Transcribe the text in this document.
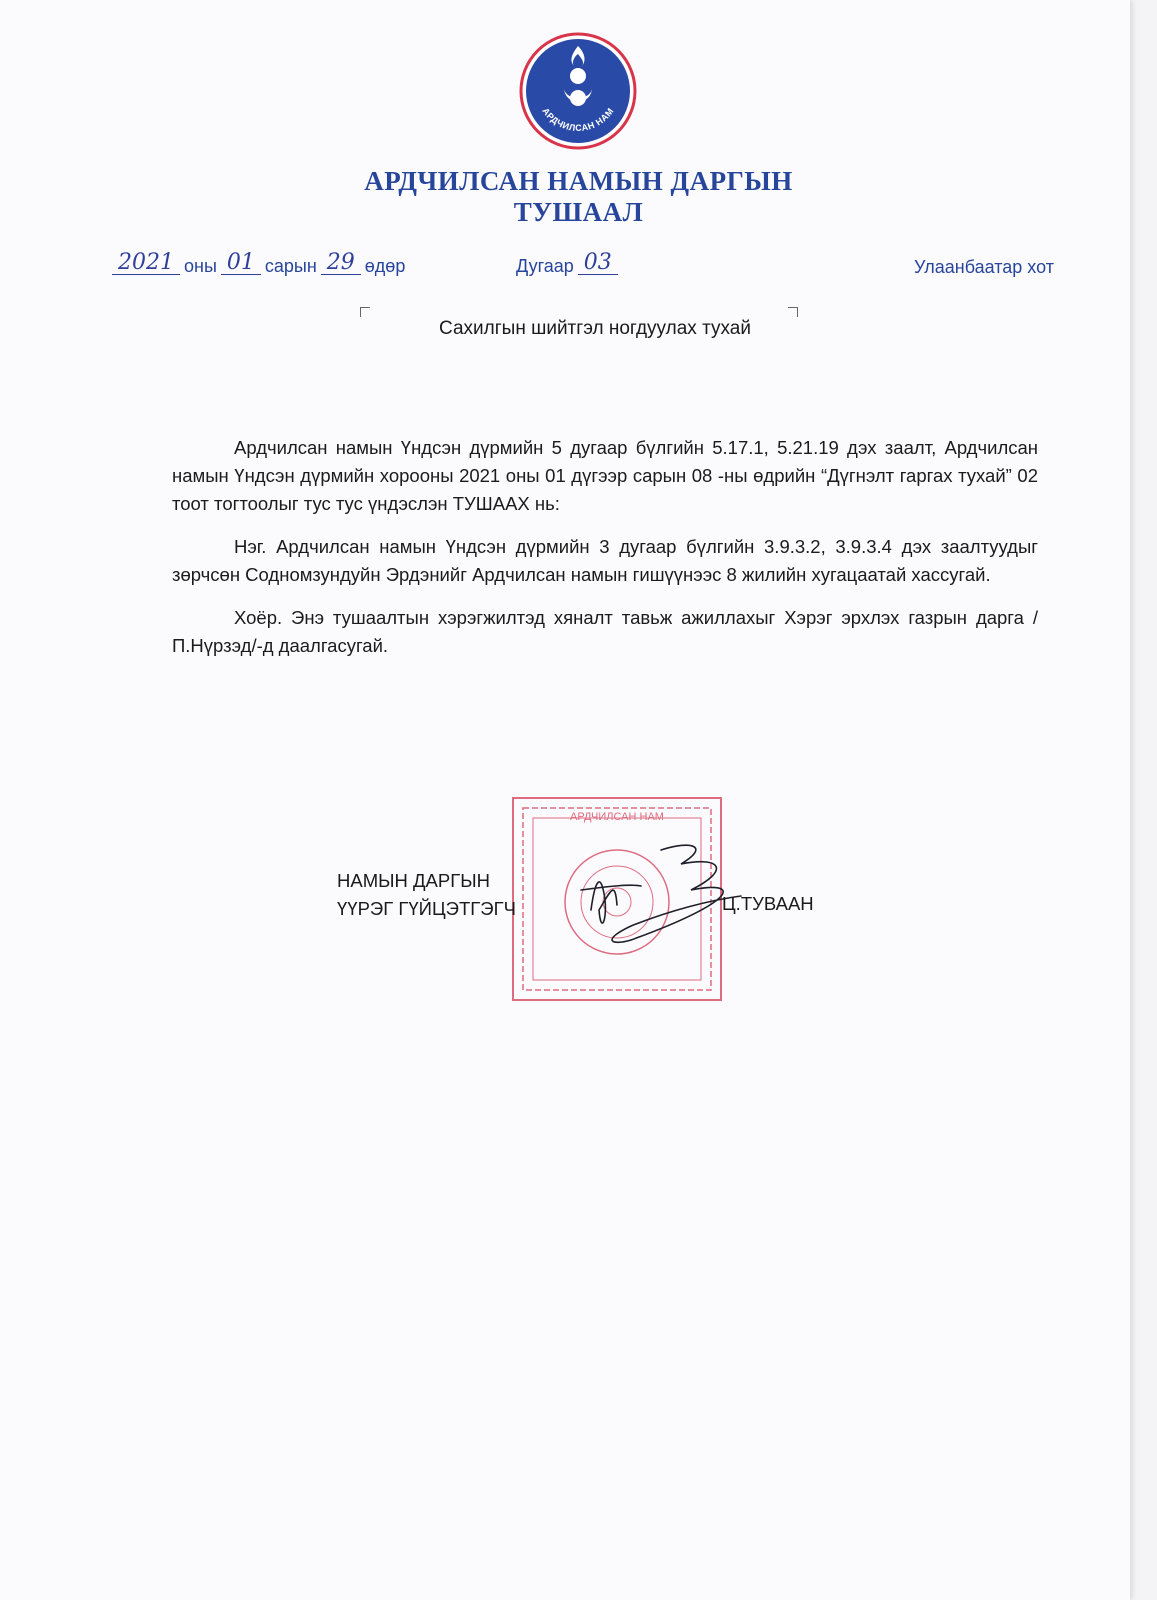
АРДЧИЛСАН НАМ
АРДЧИЛСАН НАМЫН ДАРГЫН
ТУШААЛ
2021 оны 01 сарын 29 өдөр	Дугаар 03	Улаанбаатар хот
Сахилгын шийтгэл ногдуулах тухай

Ардчилсан намын Үндсэн дүрмийн 5 дугаар бүлгийн 5.17.1, 5.21.19 дэх заалт, Ардчилсан намын Үндсэн дүрмийн хорооны 2021 оны 01 дүгээр сарын 08 -ны өдрийн “Дүгнэлт гаргах тухай” 02 тоот тогтоолыг тус тус үндэслэн ТУШААХ нь:

Нэг. Ардчилсан намын Үндсэн дүрмийн 3 дугаар бүлгийн 3.9.3.2, 3.9.3.4 дэх заалтуудыг зөрчсөн Содномзундуйн Эрдэнийг Ардчилсан намын гишүүнээс 8 жилийн хугацаатай хассугай.

Хоёр. Энэ тушаалтын хэрэгжилтэд хяналт тавьж ажиллахыг Хэрэг эрхлэх газрын дарга /П.Нүрзэд/-д даалгасугай.

АРДЧИЛСАН НАМ
НАМЫН ДАРГЫН
ҮҮРЭГ ГҮЙЦЭТГЭГЧ	Ц.ТУВААН
